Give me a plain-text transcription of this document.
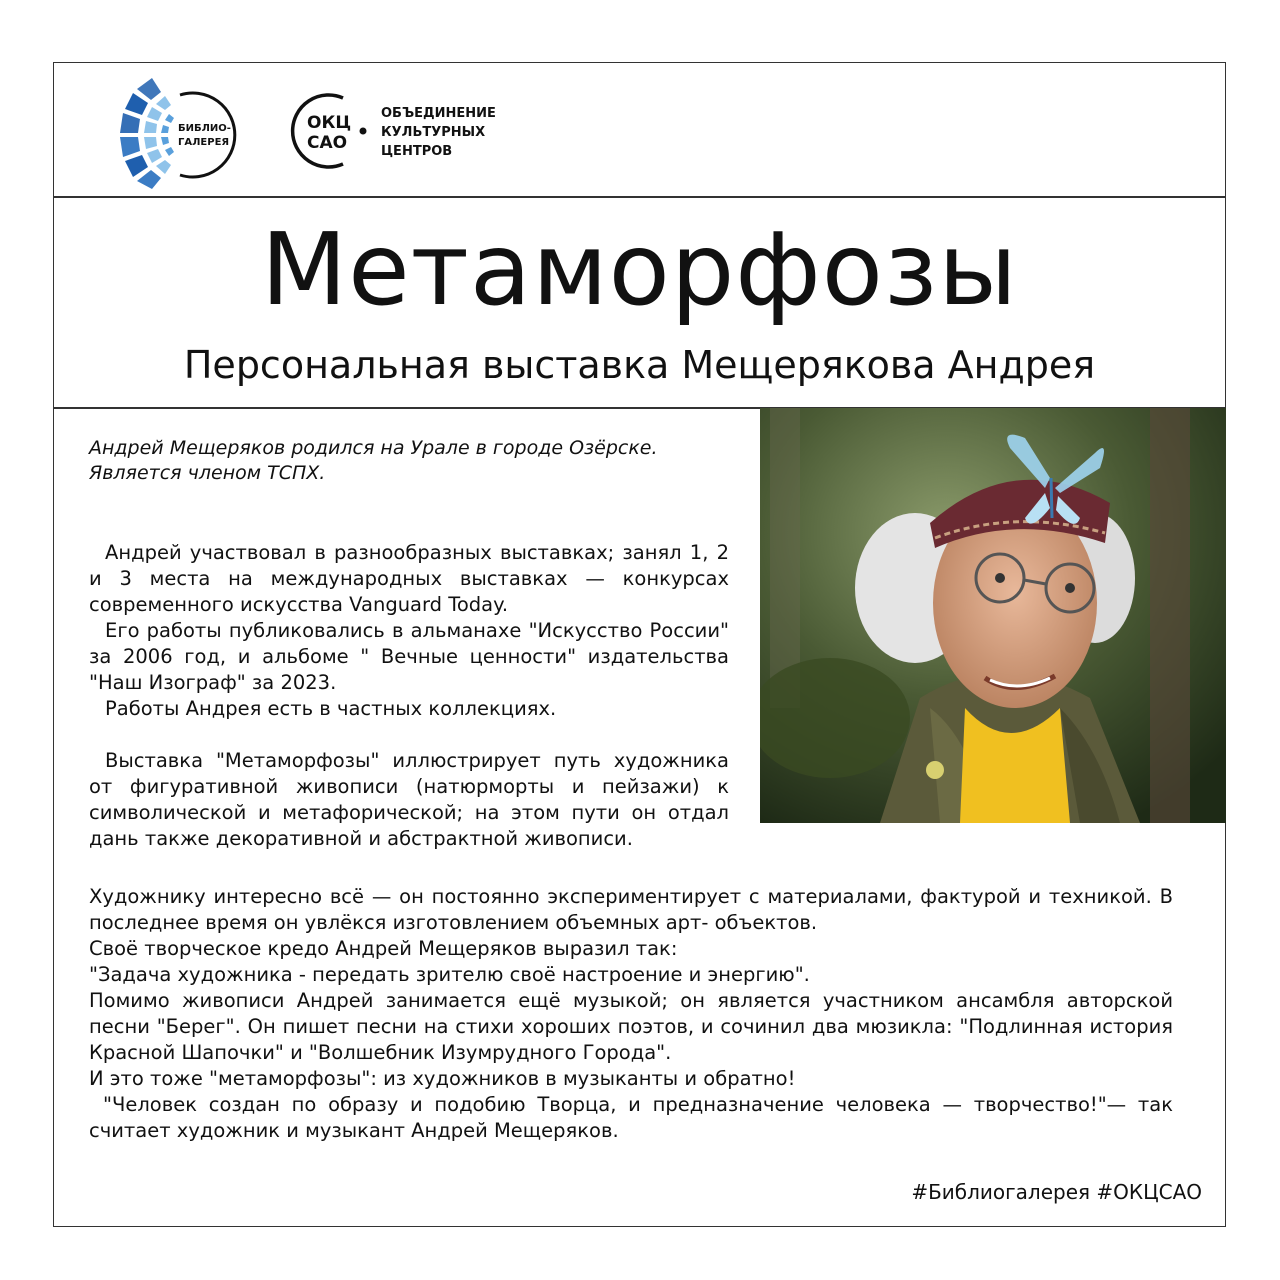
БИБЛИО-
ГАЛЕРЕЯ
ОКЦ
САО
ОБЪЕДИНЕНИЕ
КУЛЬТУРНЫХ
ЦЕНТРОВ
Метаморфозы
Персональная выставка Мещерякова Андрея

Андрей Мещеряков родился на Урале в городе Озёрске.

Является членом ТСПХ.

Андрей участвовал в разнообразных выставках; занял 1, 2 и 3 места на международных выставках — конкурсах современного искусства Vanguard Today.

Его работы публиковались в альманахе "Искусство России" за 2006 год, и альбоме " Вечные ценности" издательства "Наш Изограф" за 2023.

Работы Андрея есть в частных коллекциях.

Выставка "Метаморфозы" иллюстрирует путь художника от фигуративной живописи (натюрморты и пейзажи) к символической и метафорической; на этом пути он отдал дань также декоративной и абстрактной живописи.

Художнику интересно всё — он постоянно экспериментирует с материалами, фактурой и техникой. В последнее время он увлёкся изготовлением объемных арт- объектов.

Своё творческое кредо Андрей Мещеряков выразил так:

"Задача художника - передать зрителю своё настроение и энергию".

Помимо живописи Андрей занимается ещё музыкой; он является участником ансамбля авторской песни "Берег". Он пишет песни на стихи хороших поэтов, и сочинил два мюзикла: "Подлинная история Красной Шапочки" и "Волшебник Изумрудного Города".

И это тоже "метаморфозы": из художников в музыканты и обратно!

"Человек создан по образу и подобию Творца, и предназначение человека — творчество!"— так считает художник и музыкант Андрей Мещеряков.

#Библиогалерея #ОКЦСАО
